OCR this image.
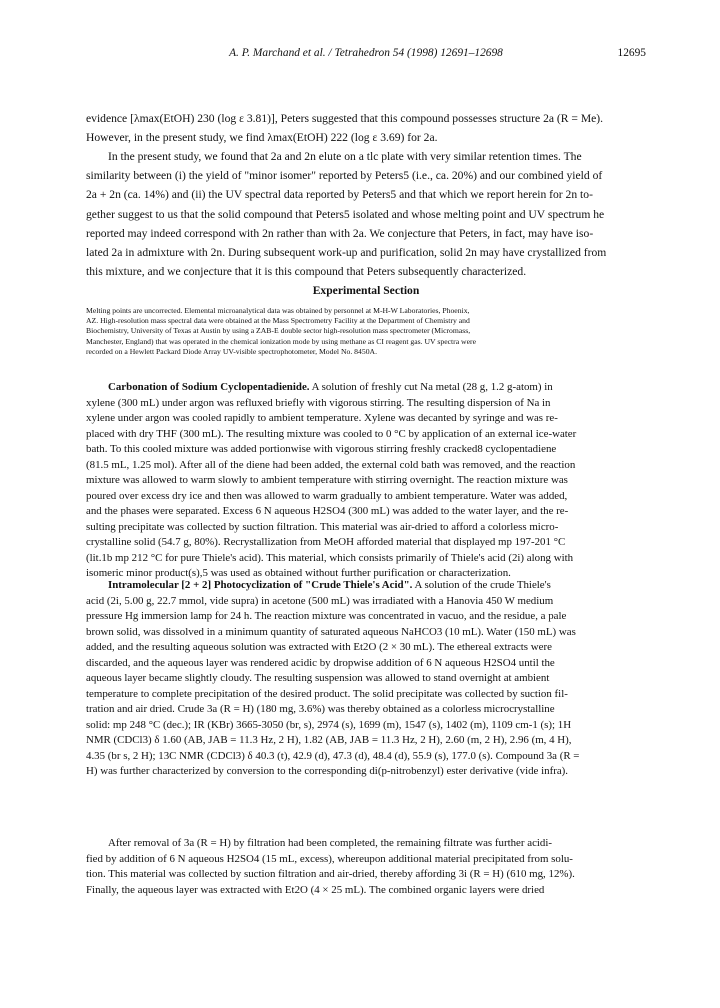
A. P. Marchand et al. / Tetrahedron 54 (1998) 12691–12698	12695
evidence [λmax(EtOH) 230 (log ε 3.81)], Peters suggested that this compound possesses structure 2a (R = Me).
However, in the present study, we find λmax(EtOH) 222 (log ε 3.69) for 2a.
In the present study, we found that 2a and 2n elute on a tlc plate with very similar retention times. The
similarity between (i) the yield of "minor isomer" reported by Peters5 (i.e., ca. 20%) and our combined yield of
2a + 2n (ca. 14%) and (ii) the UV spectral data reported by Peters5 and that which we report herein for 2n to-
gether suggest to us that the solid compound that Peters5 isolated and whose melting point and UV spectrum he
reported may indeed correspond with 2n rather than with 2a. We conjecture that Peters, in fact, may have iso-
lated 2a in admixture with 2n. During subsequent work-up and purification, solid 2n may have crystallized from
this mixture, and we conjecture that it is this compound that Peters subsequently characterized.
Experimental Section
Melting points are uncorrected. Elemental microanalytical data was obtained by personnel at M-H-W Laboratories, Phoenix,
AZ. High-resolution mass spectral data were obtained at the Mass Spectrometry Facility at the Department of Chemistry and
Biochemistry, University of Texas at Austin by using a ZAB-E double sector high-resolution mass spectrometer (Micromass,
Manchester, England) that was operated in the chemical ionization mode by using methane as CI reagent gas. UV spectra were
recorded on a Hewlett Packard Diode Array UV-visible spectrophotometer, Model No. 8450A.
Carbonation of Sodium Cyclopentadienide. A solution of freshly cut Na metal (28 g, 1.2 g-atom) in
xylene (300 mL) under argon was refluxed briefly with vigorous stirring. The resulting dispersion of Na in
xylene under argon was cooled rapidly to ambient temperature. Xylene was decanted by syringe and was re-
placed with dry THF (300 mL). The resulting mixture was cooled to 0 °C by application of an external ice-water
bath. To this cooled mixture was added portionwise with vigorous stirring freshly cracked8 cyclopentadiene
(81.5 mL, 1.25 mol). After all of the diene had been added, the external cold bath was removed, and the reaction
mixture was allowed to warm slowly to ambient temperature with stirring overnight. The reaction mixture was
poured over excess dry ice and then was allowed to warm gradually to ambient temperature. Water was added,
and the phases were separated. Excess 6 N aqueous H2SO4 (300 mL) was added to the water layer, and the re-
sulting precipitate was collected by suction filtration. This material was air-dried to afford a colorless micro-
crystalline solid (54.7 g, 80%). Recrystallization from MeOH afforded material that displayed mp 197-201 °C
(lit.1b mp 212 °C for pure Thiele's acid). This material, which consists primarily of Thiele's acid (2i) along with
isomeric minor product(s),5 was used as obtained without further purification or characterization.
Intramolecular [2 + 2] Photocyclization of "Crude Thiele's Acid". A solution of the crude Thiele's
acid (2i, 5.00 g, 22.7 mmol, vide supra) in acetone (500 mL) was irradiated with a Hanovia 450 W medium
pressure Hg immersion lamp for 24 h. The reaction mixture was concentrated in vacuo, and the residue, a pale
brown solid, was dissolved in a minimum quantity of saturated aqueous NaHCO3 (10 mL). Water (150 mL) was
added, and the resulting aqueous solution was extracted with Et2O (2 × 30 mL). The ethereal extracts were
discarded, and the aqueous layer was rendered acidic by dropwise addition of 6 N aqueous H2SO4 until the
aqueous layer became slightly cloudy. The resulting suspension was allowed to stand overnight at ambient
temperature to complete precipitation of the desired product. The solid precipitate was collected by suction fil-
tration and air dried. Crude 3a (R = H) (180 mg, 3.6%) was thereby obtained as a colorless microcrystalline
solid: mp 248 °C (dec.); IR (KBr) 3665-3050 (br, s), 2974 (s), 1699 (m), 1547 (s), 1402 (m), 1109 cm-1 (s); 1H
NMR (CDCl3) δ 1.60 (AB, JAB = 11.3 Hz, 2 H), 1.82 (AB, JAB = 11.3 Hz, 2 H), 2.60 (m, 2 H), 2.96 (m, 4 H),
4.35 (br s, 2 H); 13C NMR (CDCl3) δ 40.3 (t), 42.9 (d), 47.3 (d), 48.4 (d), 55.9 (s), 177.0 (s). Compound 3a (R =
H) was further characterized by conversion to the corresponding di(p-nitrobenzyl) ester derivative (vide infra).
After removal of 3a (R = H) by filtration had been completed, the remaining filtrate was further acidi-
fied by addition of 6 N aqueous H2SO4 (15 mL, excess), whereupon additional material precipitated from solu-
tion. This material was collected by suction filtration and air-dried, thereby affording 3i (R = H) (610 mg, 12%).
Finally, the aqueous layer was extracted with Et2O (4 × 25 mL). The combined organic layers were dried
